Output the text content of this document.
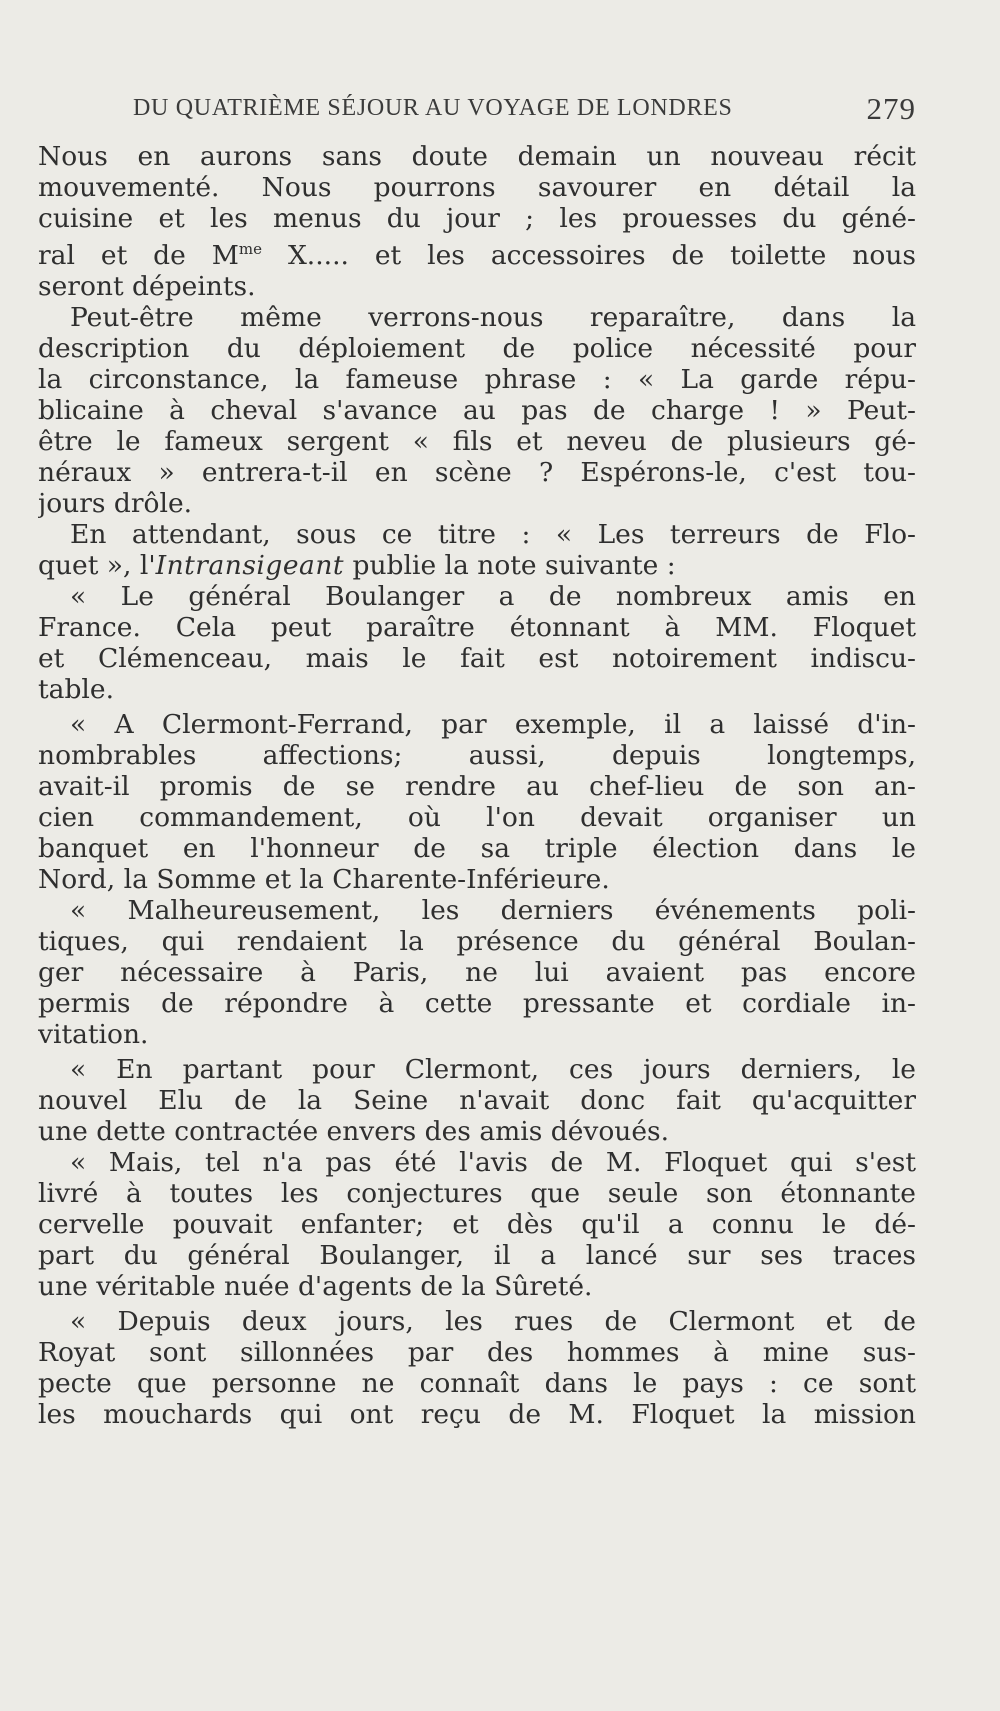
DU QUATRIÈME SÉJOUR AU VOYAGE DE LONDRES	279
Nous en aurons sans doute demain un nouveau récit
mouvementé. Nous pourrons savourer en détail la
cuisine et les menus du jour ; les prouesses du géné-
ral et de $M^{me}$ X..... et les accessoires de toilette nous
seront dépeints.
Peut-être même verrons-nous reparaître, dans la
description du déploiement de police nécessité pour
la circonstance, la fameuse phrase : « La garde répu-
blicaine à cheval s'avance au pas de charge ! » Peut-
être le fameux sergent « fils et neveu de plusieurs gé-
néraux » entrera-t-il en scène ? Espérons-le, c'est tou-
jours drôle.
En attendant, sous ce titre : « Les terreurs de Flo-
quet », l'Intransigeant publie la note suivante :
« Le général Boulanger a de nombreux amis en
France. Cela peut paraître étonnant à MM. Floquet
et Clémenceau, mais le fait est notoirement indiscu-
table.
« A Clermont-Ferrand, par exemple, il a laissé d'in-
nombrables affections; aussi, depuis longtemps,
avait-il promis de se rendre au chef-lieu de son an-
cien commandement, où l'on devait organiser un
banquet en l'honneur de sa triple élection dans le
Nord, la Somme et la Charente-Inférieure.
« Malheureusement, les derniers événements poli-
tiques, qui rendaient la présence du général Boulan-
ger nécessaire à Paris, ne lui avaient pas encore
permis de répondre à cette pressante et cordiale in-
vitation.
« En partant pour Clermont, ces jours derniers, le
nouvel Elu de la Seine n'avait donc fait qu'acquitter
une dette contractée envers des amis dévoués.
« Mais, tel n'a pas été l'avis de M. Floquet qui s'est
livré à toutes les conjectures que seule son étonnante
cervelle pouvait enfanter; et dès qu'il a connu le dé-
part du général Boulanger, il a lancé sur ses traces
une véritable nuée d'agents de la Sûreté.
« Depuis deux jours, les rues de Clermont et de
Royat sont sillonnées par des hommes à mine sus-
pecte que personne ne connaît dans le pays : ce sont
les mouchards qui ont reçu de M. Floquet la mission
